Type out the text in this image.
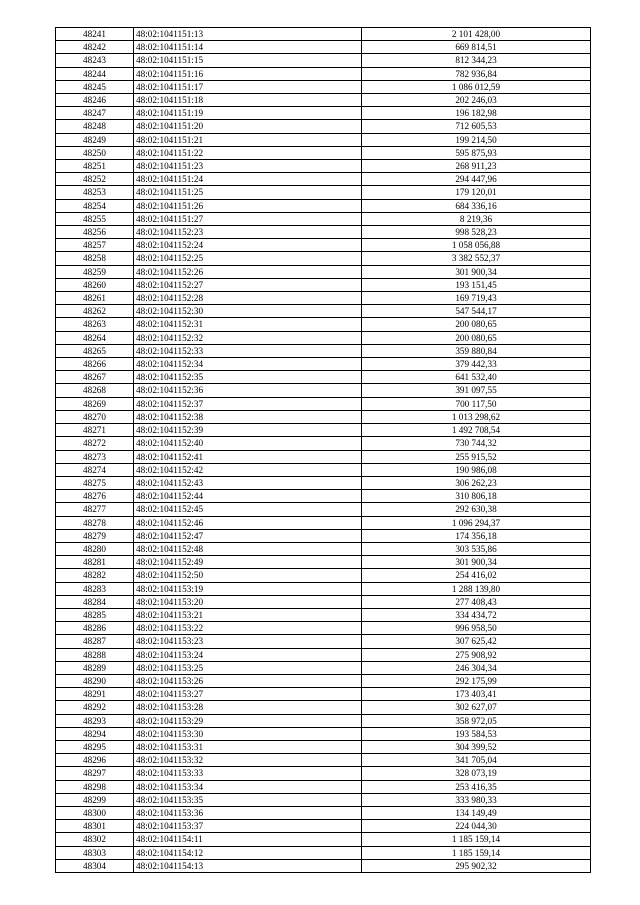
48241	48:02:1041151:13	2 101 428,00
48242	48:02:1041151:14	669 814,51
48243	48:02:1041151:15	812 344,23
48244	48:02:1041151:16	782 936,84
48245	48:02:1041151:17	1 086 012,59
48246	48:02:1041151:18	202 246,03
48247	48:02:1041151:19	196 182,98
48248	48:02:1041151:20	712 605,53
48249	48:02:1041151:21	199 214,50
48250	48:02:1041151:22	595 875,93
48251	48:02:1041151:23	268 911,23
48252	48:02:1041151:24	294 447,96
48253	48:02:1041151:25	179 120,01
48254	48:02:1041151:26	684 336,16
48255	48:02:1041151:27	8 219,36
48256	48:02:1041152:23	998 528,23
48257	48:02:1041152:24	1 058 056,88
48258	48:02:1041152:25	3 382 552,37
48259	48:02:1041152:26	301 900,34
48260	48:02:1041152:27	193 151,45
48261	48:02:1041152:28	169 719,43
48262	48:02:1041152:30	547 544,17
48263	48:02:1041152:31	200 080,65
48264	48:02:1041152:32	200 080,65
48265	48:02:1041152:33	359 880,84
48266	48:02:1041152:34	379 442,33
48267	48:02:1041152:35	641 532,40
48268	48:02:1041152:36	391 097,55
48269	48:02:1041152:37	700 117,50
48270	48:02:1041152:38	1 013 298,62
48271	48:02:1041152:39	1 492 708,54
48272	48:02:1041152:40	730 744,32
48273	48:02:1041152:41	255 915,52
48274	48:02:1041152:42	190 986,08
48275	48:02:1041152:43	306 262,23
48276	48:02:1041152:44	310 806,18
48277	48:02:1041152:45	292 630,38
48278	48:02:1041152:46	1 096 294,37
48279	48:02:1041152:47	174 356,18
48280	48:02:1041152:48	303 535,86
48281	48:02:1041152:49	301 900,34
48282	48:02:1041152:50	254 416,02
48283	48:02:1041153:19	1 288 139,80
48284	48:02:1041153:20	277 408,43
48285	48:02:1041153:21	334 434,72
48286	48:02:1041153:22	996 958,50
48287	48:02:1041153:23	307 625,42
48288	48:02:1041153:24	275 908,92
48289	48:02:1041153:25	246 304,34
48290	48:02:1041153:26	292 175,99
48291	48:02:1041153:27	173 403,41
48292	48:02:1041153:28	302 627,07
48293	48:02:1041153:29	358 972,05
48294	48:02:1041153:30	193 584,53
48295	48:02:1041153:31	304 399,52
48296	48:02:1041153:32	341 705,04
48297	48:02:1041153:33	328 073,19
48298	48:02:1041153:34	253 416,35
48299	48:02:1041153:35	333 980,33
48300	48:02:1041153:36	134 149,49
48301	48:02:1041153:37	224 044,30
48302	48:02:1041154:11	1 185 159,14
48303	48:02:1041154:12	1 185 159,14
48304	48:02:1041154:13	295 902,32
